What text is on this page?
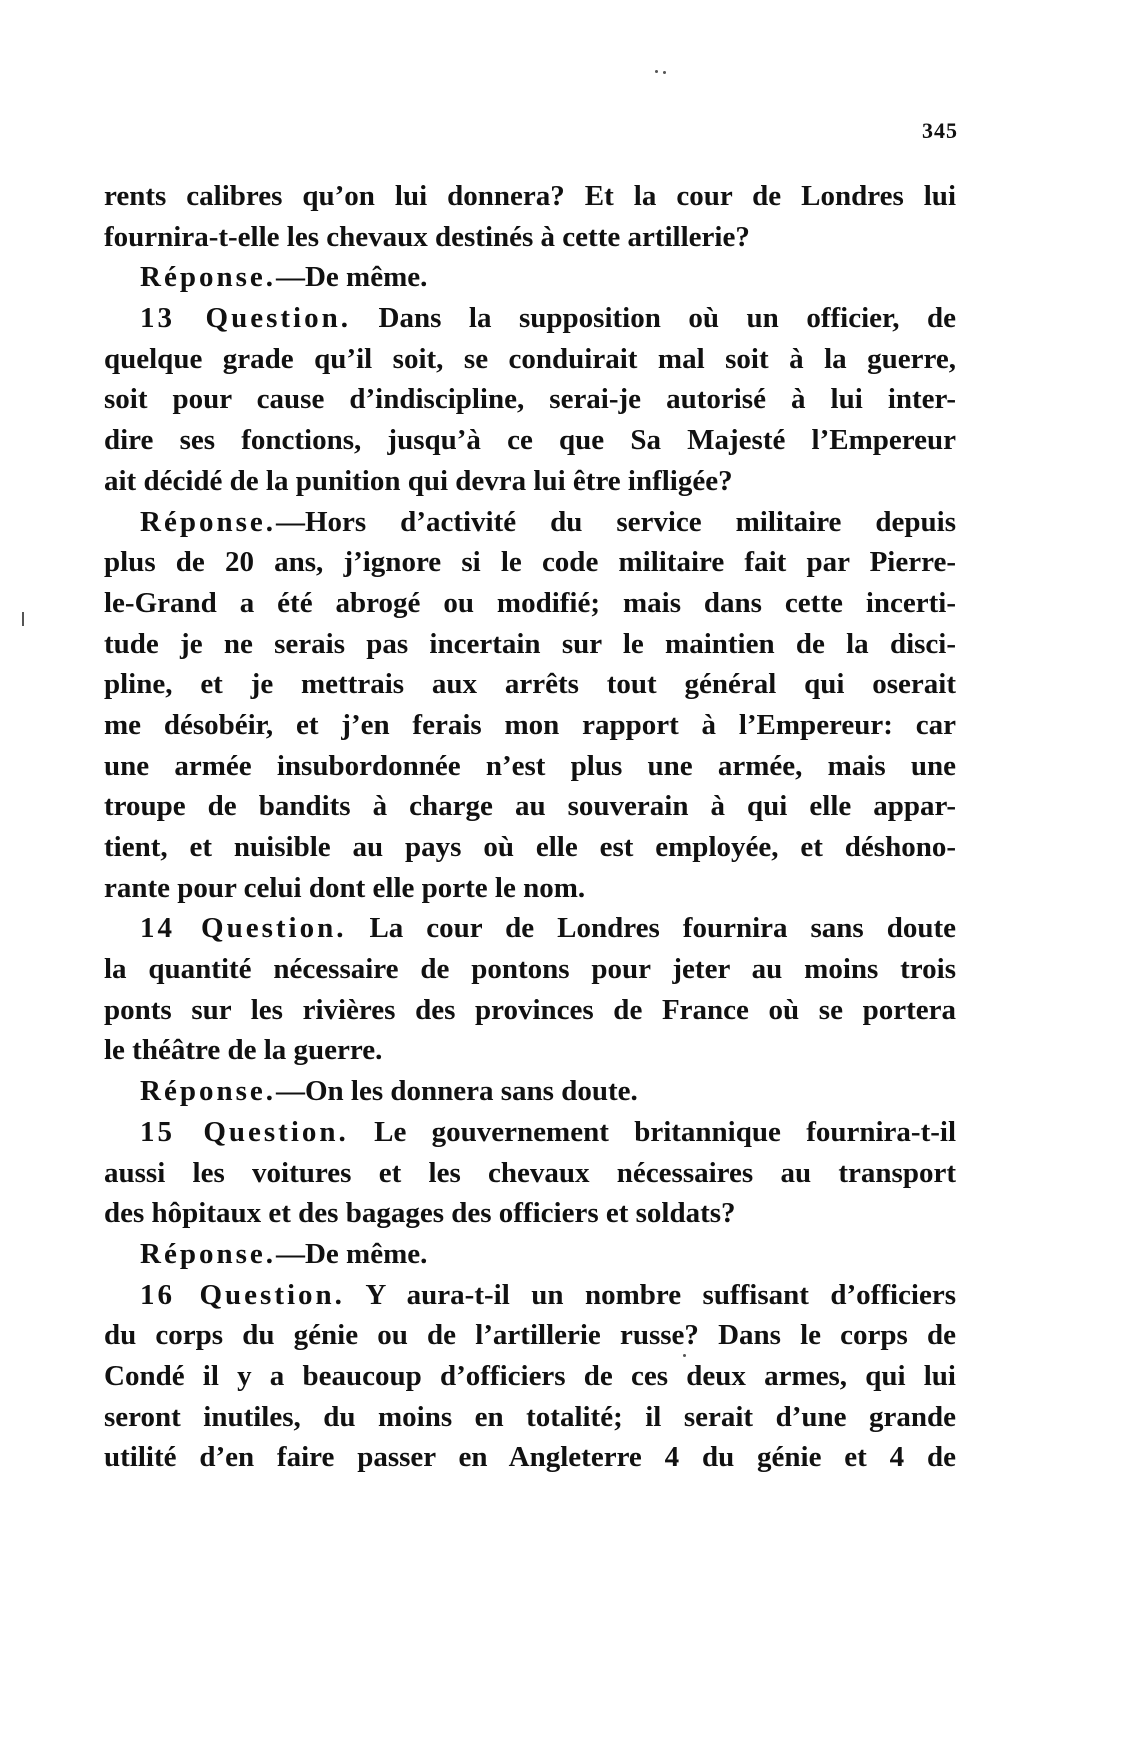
345
rents calibres qu’on lui donnera? Et la cour de Londres lui
fournira-t-elle les chevaux destinés à cette artillerie?
Réponse.—De même.
13 Question. Dans la supposition où un officier, de
quelque grade qu’il soit, se conduirait mal soit à la guerre,
soit pour cause d’indiscipline, serai-je autorisé à lui inter-
dire ses fonctions, jusqu’à ce que Sa Majesté l’Empereur
ait décidé de la punition qui devra lui être infligée?
Réponse.—Hors d’activité du service militaire depuis
plus de 20 ans, j’ignore si le code militaire fait par Pierre-
le-Grand a été abrogé ou modifié; mais dans cette incerti-
tude je ne serais pas incertain sur le maintien de la disci-
pline, et je mettrais aux arrêts tout général qui oserait
me désobéir, et j’en ferais mon rapport à l’Empereur: car
une armée insubordonnée n’est plus une armée, mais une
troupe de bandits à charge au souverain à qui elle appar-
tient, et nuisible au pays où elle est employée, et déshono-
rante pour celui dont elle porte le nom.
14 Question. La cour de Londres fournira sans doute
la quantité nécessaire de pontons pour jeter au moins trois
ponts sur les rivières des provinces de France où se portera
le théâtre de la guerre.
Réponse.—On les donnera sans doute.
15 Question. Le gouvernement britannique fournira-t-il
aussi les voitures et les chevaux nécessaires au transport
des hôpitaux et des bagages des officiers et soldats?
Réponse.—De même.
16 Question. Y aura-t-il un nombre suffisant d’officiers
du corps du génie ou de l’artillerie russe? Dans le corps de
Condé il y a beaucoup d’officiers de ces deux armes, qui lui
seront inutiles, du moins en totalité; il serait d’une grande
utilité d’en faire passer en Angleterre 4 du génie et 4 de
